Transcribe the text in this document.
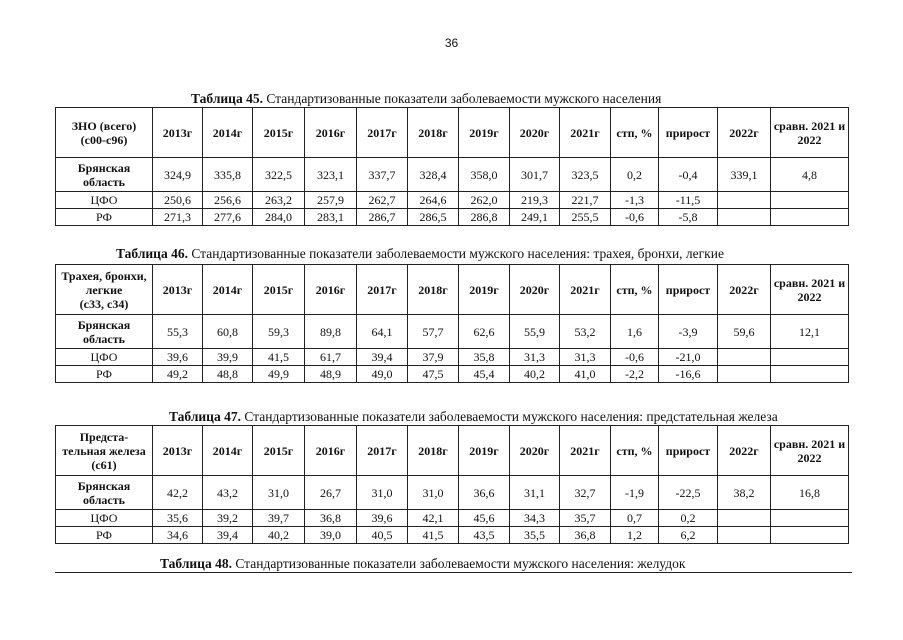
36
Таблица 45. Стандартизованные показатели заболеваемости мужского населения
ЗНО (всего)
(с00-с96)	2013г	2014г	2015г	2016г	2017г	2018г	2019г	2020г	2021г	стп, %	прирост	2022г	сравн. 2021 и 2022
Брянская
область	324,9	335,8	322,5	323,1	337,7	328,4	358,0	301,7	323,5	0,2	-0,4	339,1	4,8
ЦФО	250,6	256,6	263,2	257,9	262,7	264,6	262,0	219,3	221,7	-1,3	-11,5		
РФ	271,3	277,6	284,0	283,1	286,7	286,5	286,8	249,1	255,5	-0,6	-5,8		
Таблица 46. Стандартизованные показатели заболеваемости мужского населения: трахея, бронхи, легкие
Трахея, бронхи,
легкие
(с33, с34)	2013г	2014г	2015г	2016г	2017г	2018г	2019г	2020г	2021г	стп, %	прирост	2022г	сравн. 2021 и 2022
Брянская
область	55,3	60,8	59,3	89,8	64,1	57,7	62,6	55,9	53,2	1,6	-3,9	59,6	12,1
ЦФО	39,6	39,9	41,5	61,7	39,4	37,9	35,8	31,3	31,3	-0,6	-21,0		
РФ	49,2	48,8	49,9	48,9	49,0	47,5	45,4	40,2	41,0	-2,2	-16,6		
Таблица 47. Стандартизованные показатели заболеваемости мужского населения: предстательная железа
Предста-
тельная железа
(с61)	2013г	2014г	2015г	2016г	2017г	2018г	2019г	2020г	2021г	стп, %	прирост	2022г	сравн. 2021 и 2022
Брянская
область	42,2	43,2	31,0	26,7	31,0	31,0	36,6	31,1	32,7	-1,9	-22,5	38,2	16,8
ЦФО	35,6	39,2	39,7	36,8	39,6	42,1	45,6	34,3	35,7	0,7	0,2		
РФ	34,6	39,4	40,2	39,0	40,5	41,5	43,5	35,5	36,8	1,2	6,2		
Таблица 48. Стандартизованные показатели заболеваемости мужского населения: желудок
